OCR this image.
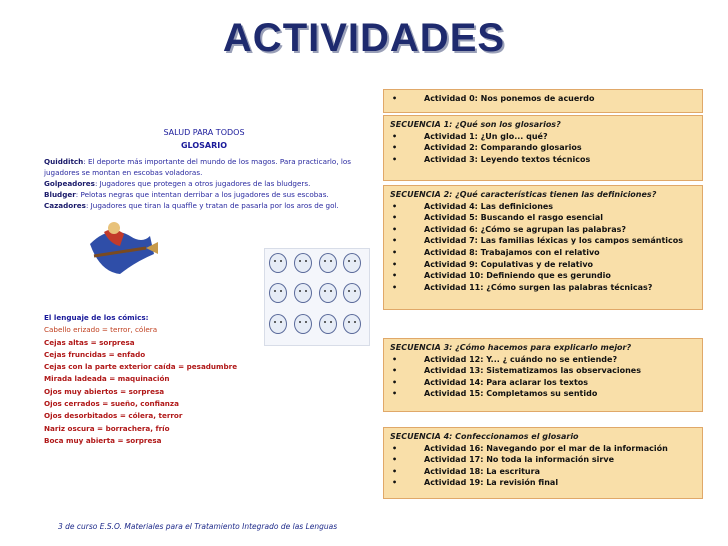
ACTIVIDADES
SALUD PARA TODOS
GLOSARIO
Quidditch: El deporte más importante del mundo de los magos. Para practicarlo, los jugadores se montan en escobas voladoras.
Golpeadores: Jugadores que protegen a otros jugadores de las bludgers.
Bludger: Pelotas negras que intentan derribar a los jugadores de sus escobas.
Cazadores: Jugadores que tiran la quaffle y tratan de pasarla por los aros de gol.
El lenguaje de los cómics:
Cabello erizado = terror, cólera
Cejas altas = sorpresa
Cejas fruncidas = enfado
Cejas con la parte exterior caída = pesadumbre
Mirada ladeada = maquinación
Ojos muy abiertos = sorpresa
Ojos cerrados = sueño, confianza
Ojos desorbitados = cólera, terror
Nariz oscura = borrachera, frío
Boca muy abierta = sorpresa
3 de curso E.S.O. Materiales para el Tratamiento Integrado de las Lenguas
• Actividad 0: Nos ponemos de acuerdo
SECUENCIA 1: ¿Qué son los glosarios?
• Actividad 1: ¿Un glo... qué?
• Actividad 2: Comparando glosarios
• Actividad 3: Leyendo textos técnicos
SECUENCIA 2: ¿Qué características tienen las definiciones?
• Actividad 4: Las definiciones
• Actividad 5: Buscando el rasgo esencial
• Actividad 6: ¿Cómo se agrupan las palabras?
• Actividad 7: Las familias léxicas y los campos semánticos
• Actividad 8: Trabajamos con el relativo
• Actividad 9: Copulativas y de relativo
• Actividad 10: Definiendo que es gerundio
• Actividad 11: ¿Cómo surgen las palabras técnicas?
SECUENCIA 3: ¿Cómo hacemos para explicarlo mejor?
• Actividad 12: Y... ¿ cuándo no se entiende?
• Actividad 13: Sistematizamos las observaciones
• Actividad 14: Para aclarar los textos
• Actividad 15: Completamos su sentido
SECUENCIA 4: Confeccionamos el glosario
• Actividad 16: Navegando por el mar de la información
• Actividad 17: No toda la información sirve
• Actividad 18: La escritura
• Actividad 19: La revisión final
